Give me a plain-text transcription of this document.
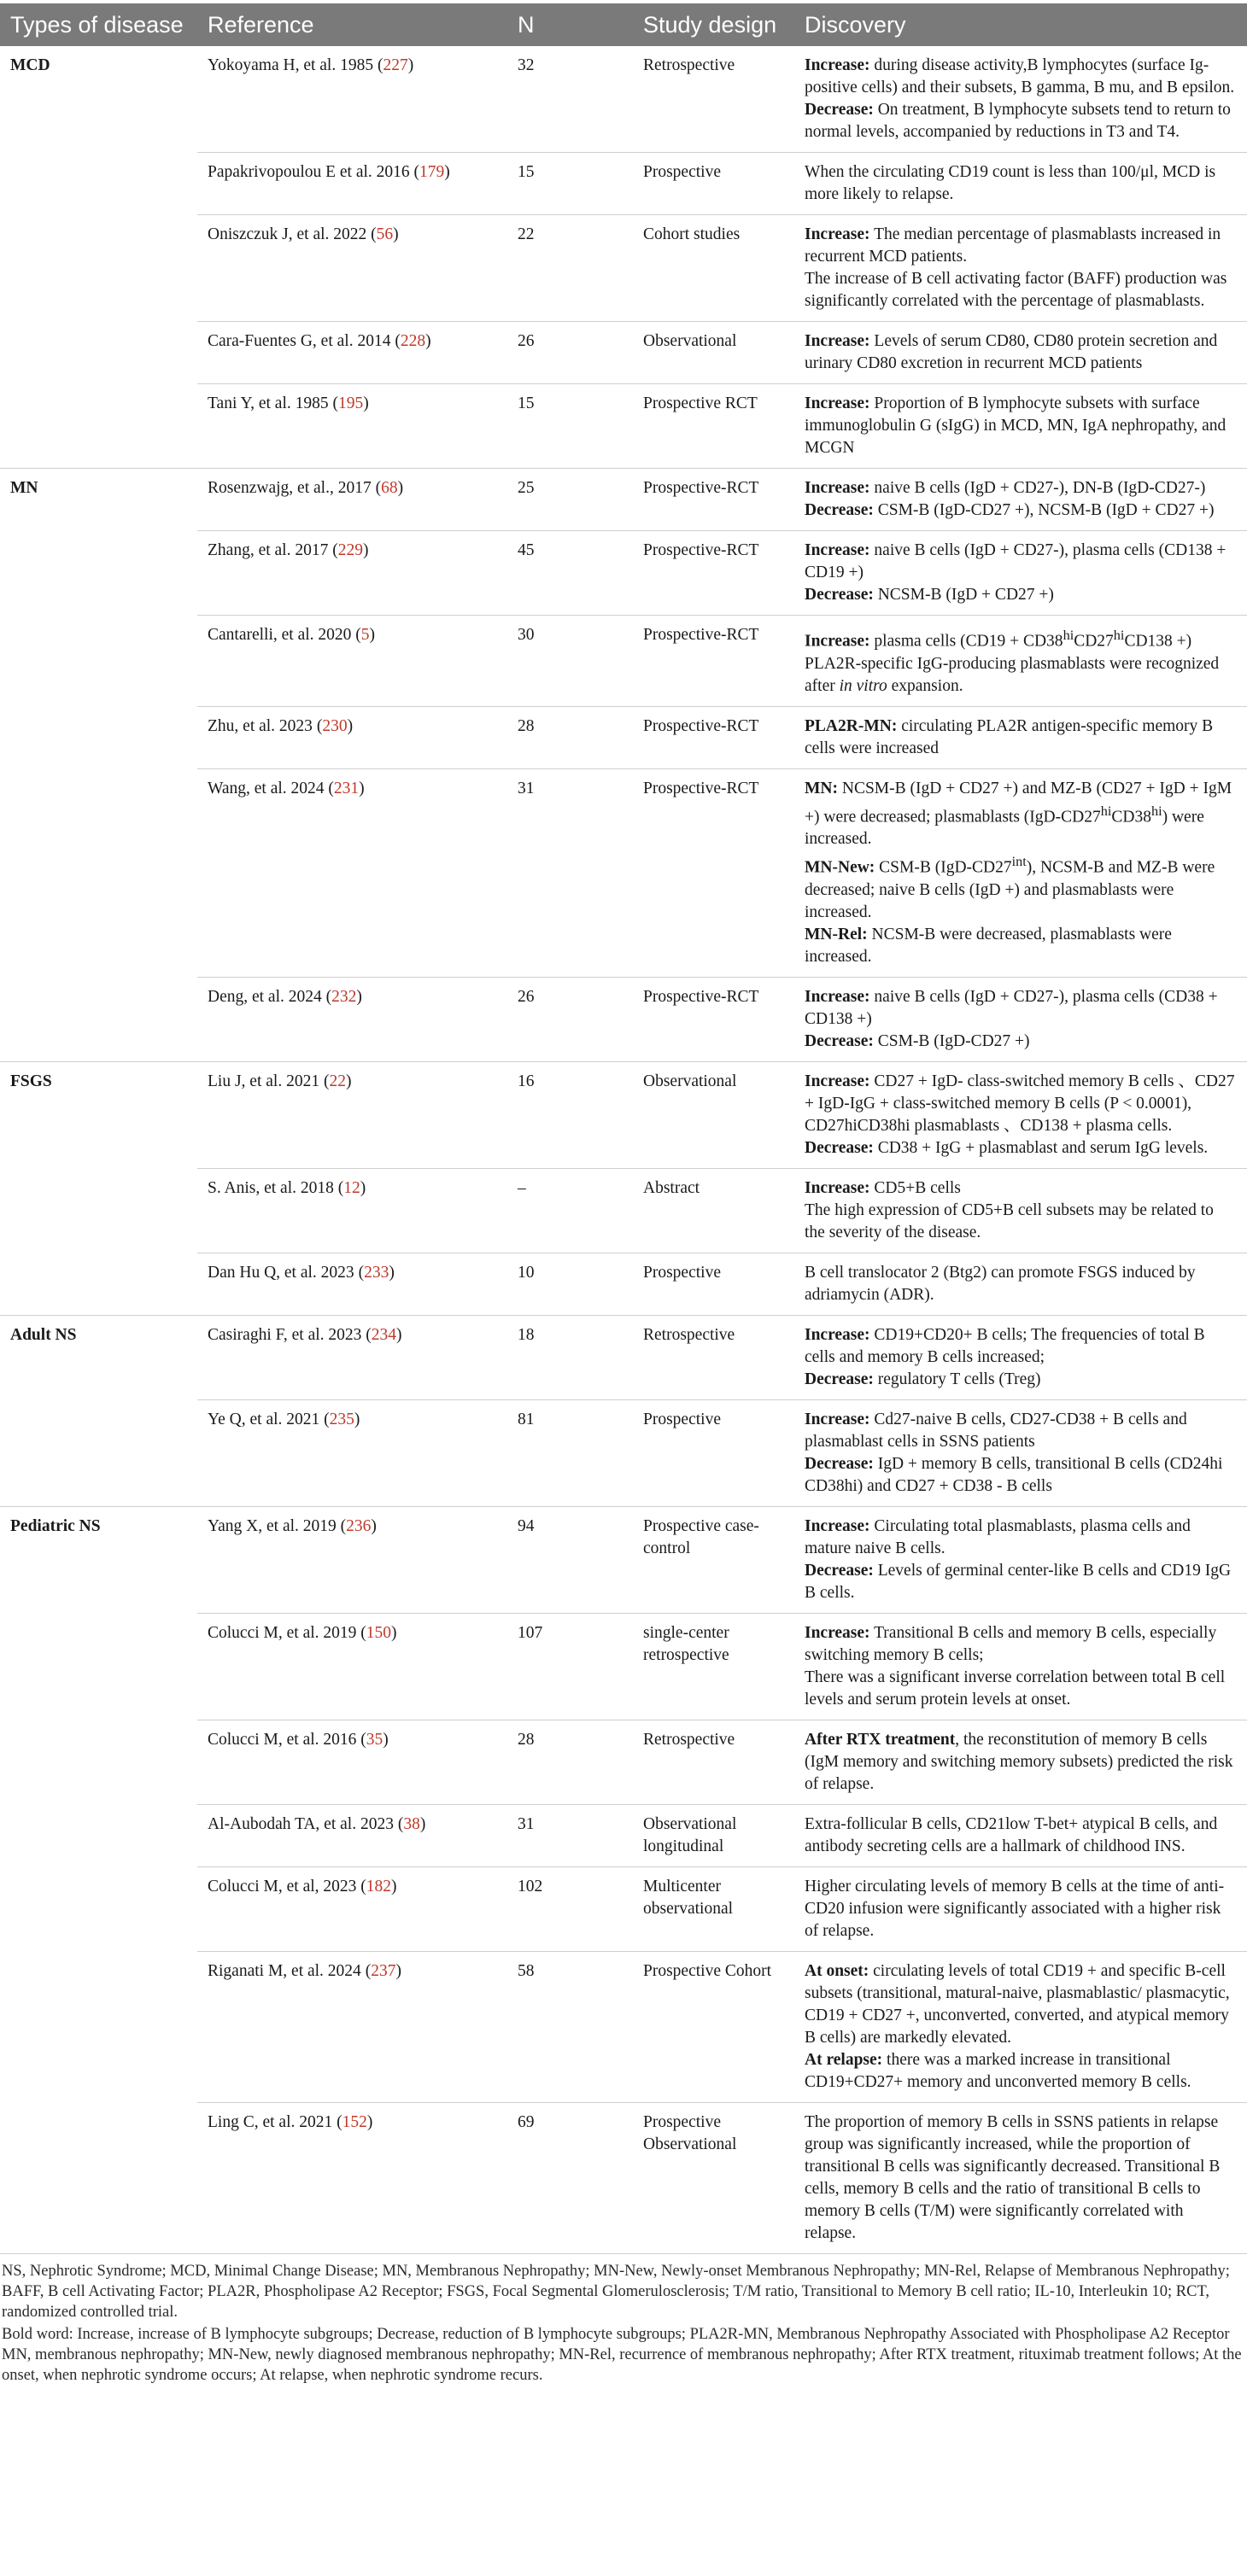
Types of disease	Reference	N	Study design	Discovery
MCD	Yokoyama H, et al. 1985 (227)	32	Retrospective	Increase: during disease activity,B lymphocytes (surface Ig-positive cells) and their subsets, B gamma, B mu, and B epsilon.
Decrease: On treatment, B lymphocyte subsets tend to return to normal levels, accompanied by reductions in T3 and T4.

	Papakrivopoulou E et al. 2016 (179)	15	Prospective	When the circulating CD19 count is less than 100/μl, MCD is more likely to relapse.

	Oniszczuk J, et al. 2022 (56)	22	Cohort studies	Increase: The median percentage of plasmablasts increased in recurrent MCD patients.
The increase of B cell activating factor (BAFF) production was significantly correlated with the percentage of plasmablasts.

	Cara-Fuentes G, et al. 2014 (228)	26	Observational	Increase: Levels of serum CD80, CD80 protein secretion and urinary CD80 excretion in recurrent MCD patients

	Tani Y, et al. 1985 (195)	15	Prospective RCT	Increase: Proportion of B lymphocyte subsets with surface immunoglobulin G (sIgG) in MCD, MN, IgA nephropathy, and MCGN

MN	Rosenzwajg, et al., 2017 (68)	25	Prospective-RCT	Increase: naive B cells (IgD + CD27-), DN-B (IgD-CD27-)
Decrease: CSM-B (IgD-CD27 +), NCSM-B (IgD + CD27 +)

	Zhang, et al. 2017 (229)	45	Prospective-RCT	Increase: naive B cells (IgD + CD27-), plasma cells (CD138 + CD19 +)
Decrease: NCSM-B (IgD + CD27 +)

	Cantarelli, et al. 2020 (5)	30	Prospective-RCT	Increase: plasma cells ($CD19 + CD38^{hi}CD27^{hi}CD138$ +)
PLA2R-specific IgG-producing plasmablasts were recognized after in vitro expansion.

	Zhu, et al. 2023 (230)	28	Prospective-RCT	PLA2R-MN: circulating PLA2R antigen-specific memory B cells were increased

	Wang, et al. 2024 (231)	31	Prospective-RCT	MN: NCSM-B (IgD + CD27 +) and MZ-B (CD27 + IgD + IgM +) were decreased; plasmablasts $(IgD-CD27^{hi}CD38^{hi})$ were increased.
MN-New: CSM-B $(IgD-CD27^{int})$, NCSM-B and MZ-B were decreased; naive B cells (IgD +) and plasmablasts were increased.
MN-Rel: NCSM-B were decreased, plasmablasts were increased.

	Deng, et al. 2024 (232)	26	Prospective-RCT	Increase: naive B cells (IgD + CD27-), plasma cells (CD38 + CD138 +)
Decrease: CSM-B (IgD-CD27 +)

FSGS	Liu J, et al. 2021 (22)	16	Observational	Increase: CD27 + IgD- class-switched memory B cells 、CD27 + IgD-IgG + class-switched memory B cells (P < 0.0001), CD27hiCD38hi plasmablasts 、CD138 + plasma cells.
Decrease: CD38 + IgG + plasmablast and serum IgG levels.

	S. Anis, et al. 2018 (12)	–	Abstract	Increase: CD5+B cells
The high expression of CD5+B cell subsets may be related to the severity of the disease.

	Dan Hu Q, et al. 2023 (233)	10	Prospective	B cell translocator 2 (Btg2) can promote FSGS induced by adriamycin (ADR).

Adult NS	Casiraghi F, et al. 2023 (234)	18	Retrospective	Increase: CD19+CD20+ B cells; The frequencies of total B cells and memory B cells increased;
Decrease: regulatory T cells (Treg)

	Ye Q, et al. 2021 (235)	81	Prospective	Increase: Cd27-naive B cells, CD27-CD38 + B cells and plasmablast cells in SSNS patients
Decrease: IgD + memory B cells, transitional B cells (CD24hi CD38hi) and CD27 + CD38 - B cells

Pediatric NS	Yang X, et al. 2019 (236)	94	Prospective case-control	Increase: Circulating total plasmablasts, plasma cells and mature naive B cells.
Decrease: Levels of germinal center-like B cells and CD19 IgG B cells.

	Colucci M, et al. 2019 (150)	107	single-center retrospective	Increase: Transitional B cells and memory B cells, especially switching memory B cells;
There was a significant inverse correlation between total B cell levels and serum protein levels at onset.

	Colucci M, et al. 2016 (35)	28	Retrospective	After RTX treatment, the reconstitution of memory B cells (IgM memory and switching memory subsets) predicted the risk of relapse.

	Al-Aubodah TA, et al. 2023 (38)	31	Observational longitudinal	Extra-follicular B cells, CD21low T-bet+ atypical B cells, and antibody secreting cells are a hallmark of childhood INS.

	Colucci M, et al, 2023 (182)	102	Multicenter observational	Higher circulating levels of memory B cells at the time of anti-CD20 infusion were significantly associated with a higher risk of relapse.

	Riganati M, et al. 2024 (237)	58	Prospective Cohort	At onset: circulating levels of total CD19 + and specific B-cell subsets (transitional, matural-naive, plasmablastic/ plasmacytic, CD19 + CD27 +, unconverted, converted, and atypical memory B cells) are markedly elevated.
At relapse: there was a marked increase in transitional CD19+CD27+ memory and unconverted memory B cells.

	Ling C, et al. 2021 (152)	69	Prospective Observational	The proportion of memory B cells in SSNS patients in relapse group was significantly increased, while the proportion of transitional B cells was significantly decreased. Transitional B cells, memory B cells and the ratio of transitional B cells to memory B cells (T/M) were significantly correlated with relapse.

NS, Nephrotic Syndrome; MCD, Minimal Change Disease; MN, Membranous Nephropathy; MN-New, Newly-onset Membranous Nephropathy; MN-Rel, Relapse of Membranous Nephropathy; BAFF, B cell Activating Factor; PLA2R, Phospholipase A2 Receptor; FSGS, Focal Segmental Glomerulosclerosis; T/M ratio, Transitional to Memory B cell ratio; IL-10, Interleukin 10; RCT, randomized controlled trial.

Bold word: Increase, increase of B lymphocyte subgroups; Decrease, reduction of B lymphocyte subgroups; PLA2R-MN, Membranous Nephropathy Associated with Phospholipase A2 Receptor MN, membranous nephropathy; MN-New, newly diagnosed membranous nephropathy; MN-Rel, recurrence of membranous nephropathy; After RTX treatment, rituximab treatment follows; At the onset, when nephrotic syndrome occurs; At relapse, when nephrotic syndrome recurs.
